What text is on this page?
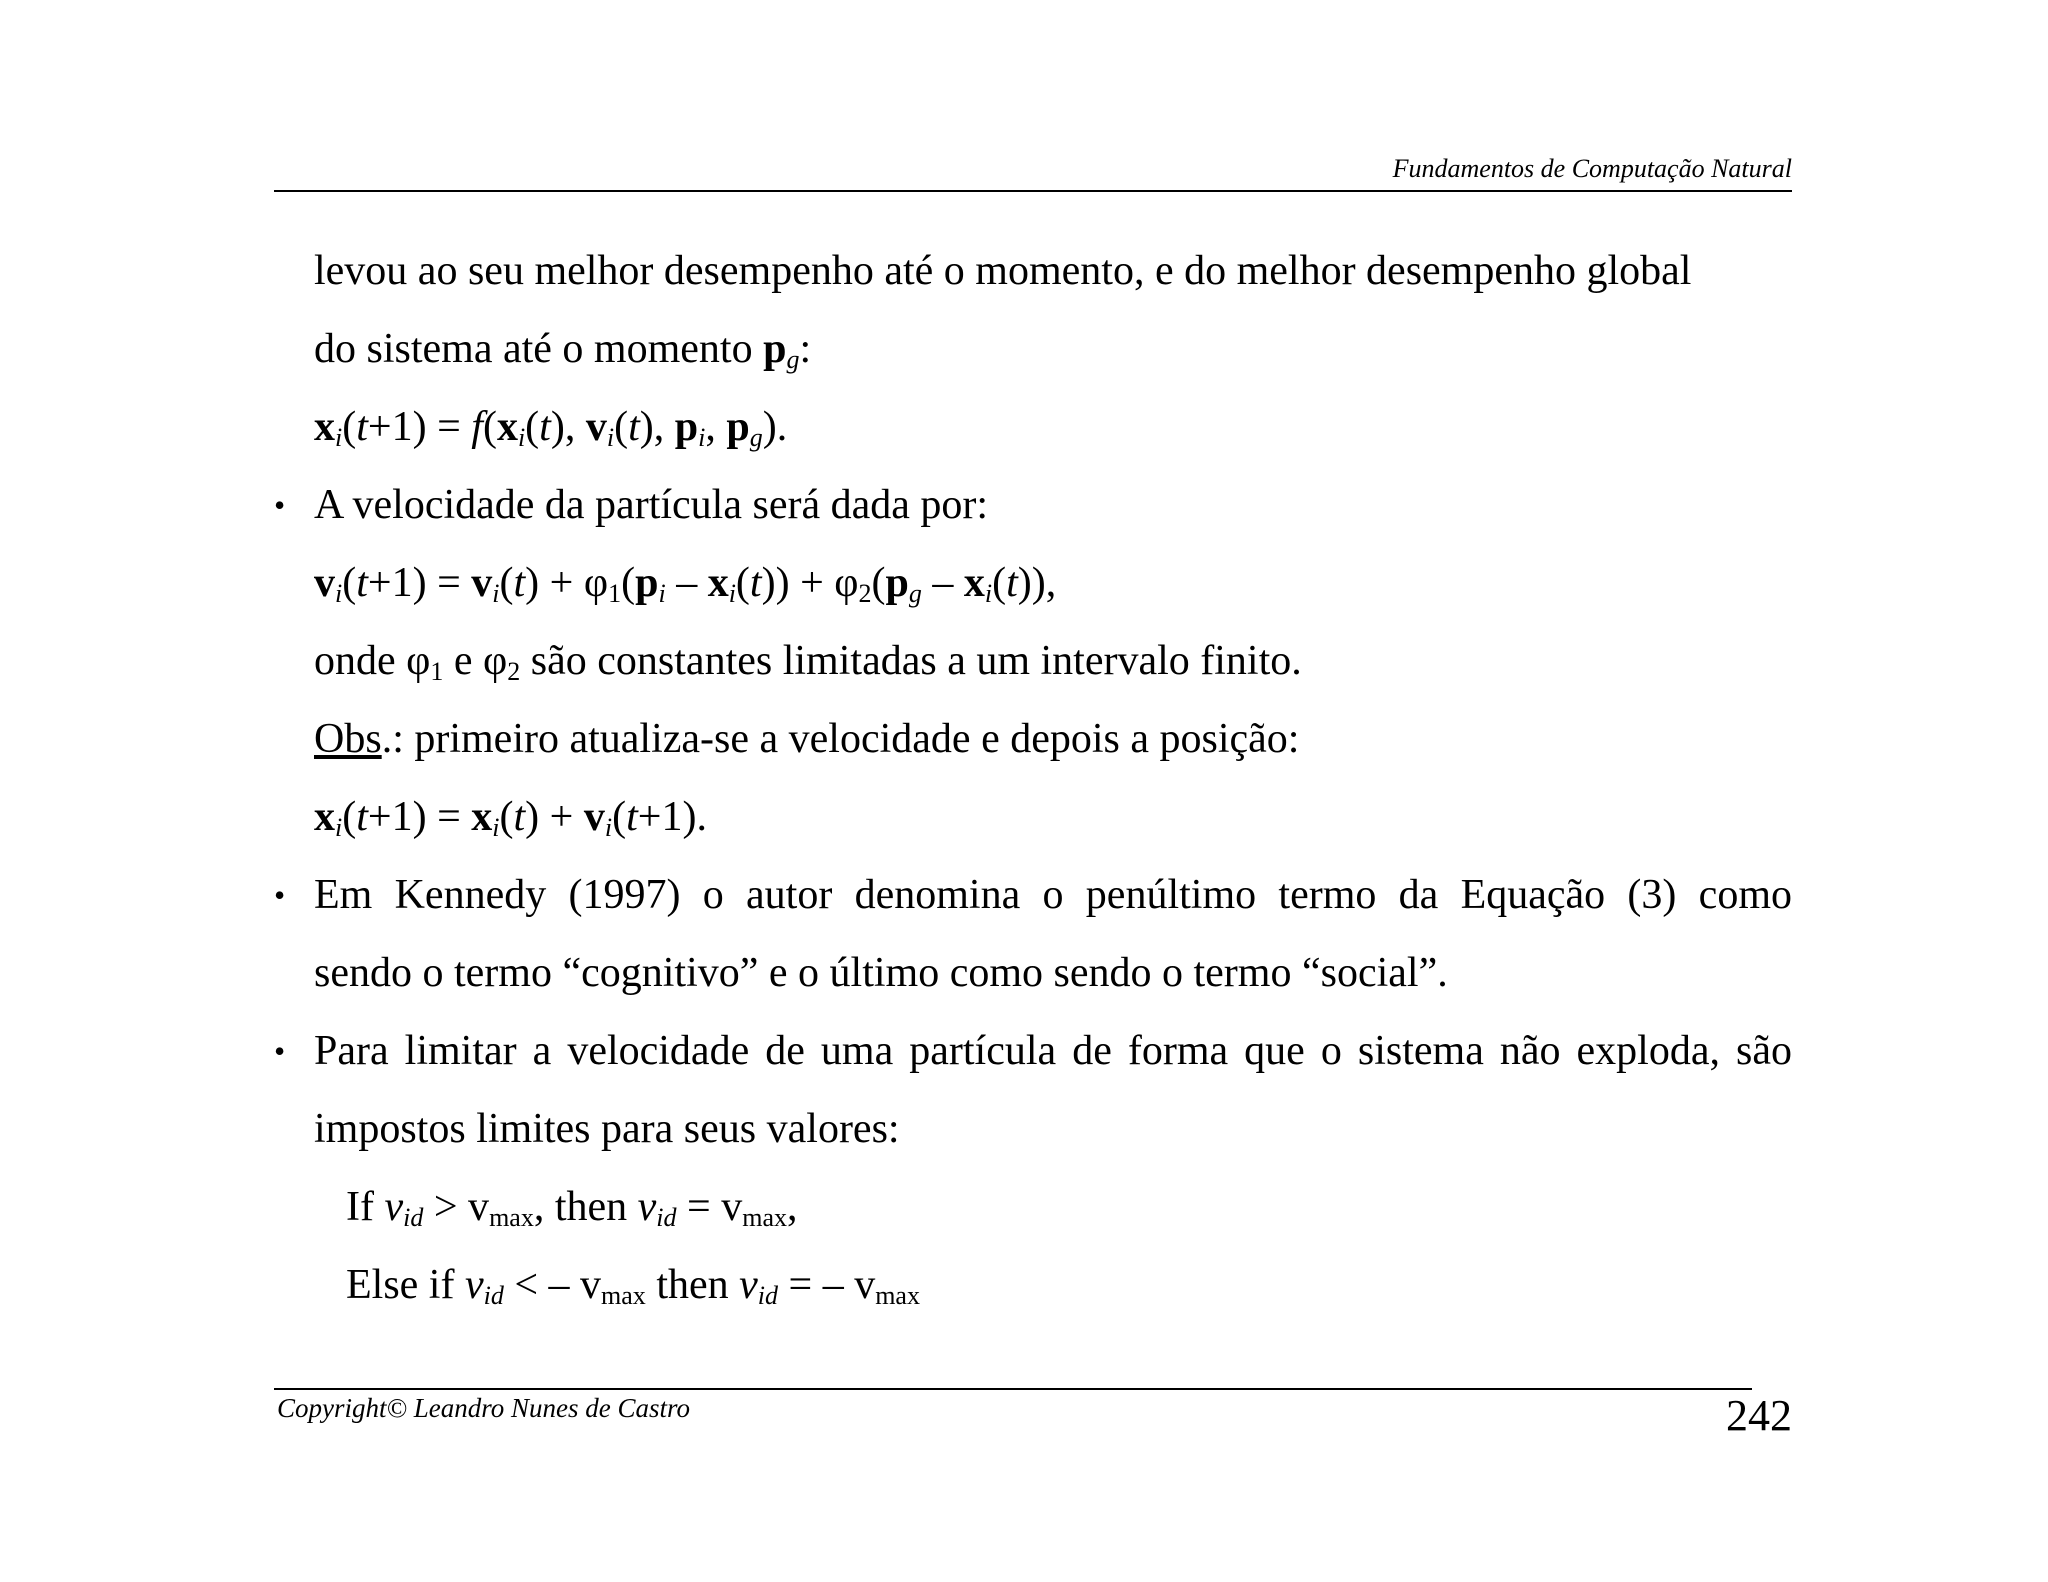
Fundamentos de Computação Natural
levou ao seu melhor desempenho até o momento, e do melhor desempenho global
do sistema até o momento $p_g$:
$x_i(t+1) = f(x_i(t)$, $v_i(t)$, $p_i$, $p_g$).
• A velocidade da partícula será dada por:
$v_i(t+1) = v_i(t) + \varphi_1(p_i - x_i(t)) + \varphi_2(p_g - x_i(t))$,
onde $\varphi_1$ e $\varphi_2$ são constantes limitadas a um intervalo finito.
Obs.: primeiro atualiza-se a velocidade e depois a posição:
$x_i(t+1) = x_i(t) + v_i(t+1)$.
• Em Kennedy (1997) o autor denomina o penúltimo termo da Equação (3) como
sendo o termo “cognitivo” e o último como sendo o termo “social”.
• Para limitar a velocidade de uma partícula de forma que o sistema não exploda, são
impostos limites para seus valores:
If $v_{id} > v_{max}$, then $v_{id} = v_{max}$,
Else if $v_{id}$ < – $v_{max}$ then $v_{id}$ = – $v_{max}$
Copyright© Leandro Nunes de Castro	242
